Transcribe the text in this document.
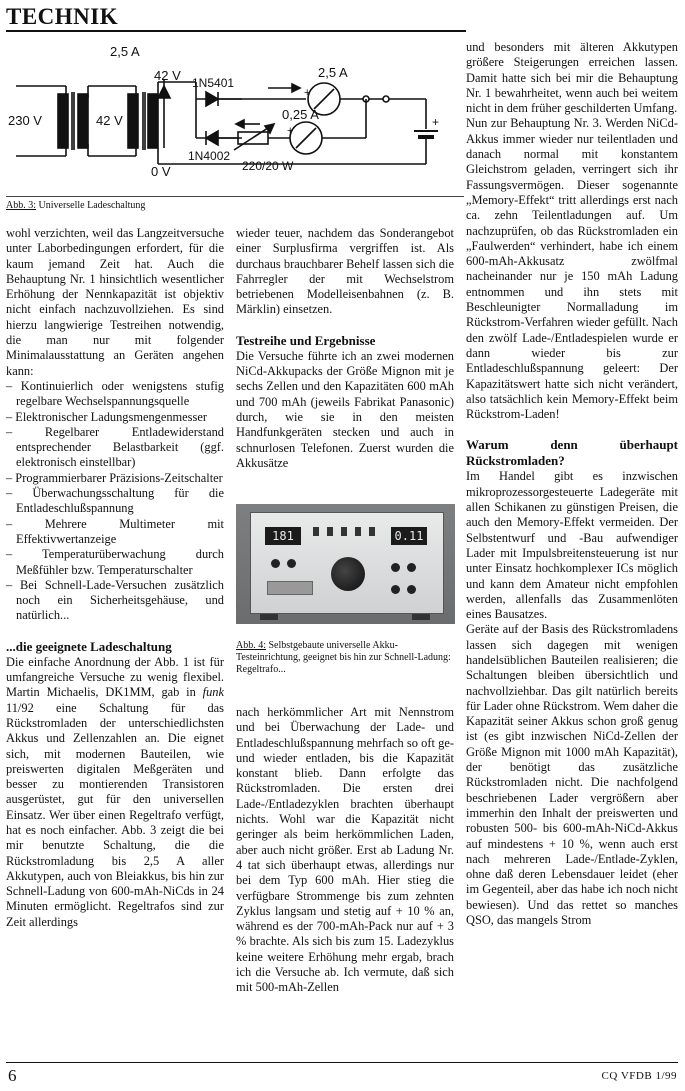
TECHNIK
230 V	42 V
42 V
0 V
2,5 A
2,5 A
0,25 A
1N5401
1N4002
220/20 W
+
+
+
Abb. 3: Universelle Ladeschaltung

wohl verzichten, weil das Langzeitversuche unter Laborbedingungen erfordert, für die kaum jemand Zeit hat. Auch die Behauptung Nr. 1 hinsichtlich wesentlicher Erhöhung der Nennkapazität ist objektiv nicht einfach nachzuvollziehen. Es sind hierzu langwierige Testreihen notwendig, die man nur mit folgender Minimalausstattung an Geräten angehen kann:

– Kontinuierlich oder wenigstens stufig regelbare Wechselspannungsquelle
– Elektronischer Ladungsmengenmesser
– Regelbarer Entladewiderstand entsprechender Belastbarkeit (ggf. elektronisch einstellbar)
– Programmierbarer Präzisions-Zeitschalter
– Überwachungsschaltung für die Entladeschlußspannung
– Mehrere Multimeter mit Effektivwertanzeige
– Temperaturüberwachung durch Meßfühler bzw. Temperaturschalter
– Bei Schnell-Lade-Versuchen zusätzlich noch ein Sicherheitsgehäuse, und natürlich...

...die geeignete Ladeschaltung

Die einfache Anordnung der Abb. 1 ist für umfangreiche Versuche zu wenig flexibel. Martin Michaelis, DK1MM, gab in funk 11/92 eine Schaltung für das Rückstromladen der unterschiedlichsten Akkus und Zellenzahlen an. Die eignet sich, mit modernen Bauteilen, wie preiswerten digitalen Meßgeräten und besser zu montierenden Transistoren ausgerüstet, gut für den universellen Einsatz. Wer über einen Regeltrafo verfügt, hat es noch einfacher. Abb. 3 zeigt die bei mir benutzte Schaltung, die die Rückstromladung bis 2,5 A aller Akkutypen, auch von Bleiakkus, bis hin zur Schnell-Ladung von 600-mAh-NiCds in 24 Minuten ermöglicht. Regeltrafos sind zur Zeit allerdings

wieder teuer, nachdem das Sonderangebot einer Surplusfirma vergriffen ist. Als durchaus brauchbarer Behelf lassen sich die Fahrregler der mit Wechselstrom betriebenen Modelleisenbahnen (z. B. Märklin) einsetzen.

Testreihe und Ergebnisse

Die Versuche führte ich an zwei modernen NiCd-Akkupacks der Größe Mignon mit je sechs Zellen und den Kapazitäten 600 mAh und 700 mAh (jeweils Fabrikat Panasonic) durch, wie sie in den meisten Handfunkgeräten stecken und auch in schnurlosen Telefonen. Zuerst wurden die Akkusätze

181	0.11
Abb. 4: Selbstgebaute universelle Akku-Testeinrichtung, geeignet bis hin zur Schnell-Ladung: Regeltrafo...

nach herkömmlicher Art mit Nennstrom und bei Überwachung der Lade- und Entladeschlußspannung mehrfach so oft ge- und wieder entladen, bis die Kapazität konstant blieb. Dann erfolgte das Rückstromladen. Die ersten drei Lade-/Entladezyklen brachten überhaupt nichts. Wohl war die Kapazität nicht geringer als beim herkömmlichen Laden, aber auch nicht größer. Erst ab Ladung Nr. 4 tat sich überhaupt etwas, allerdings nur bei dem Typ 600 mAh. Hier stieg die verfügbare Strommenge bis zum zehnten Zyklus langsam und stetig auf + 10 % an, während es der 700-mAh-Pack nur auf + 3 % brachte. Als sich bis zum 15. Ladezyklus keine weitere Erhöhung mehr ergab, brach ich die Versuche ab. Ich vermute, daß sich mit 500-mAh-Zellen

und besonders mit älteren Akkutypen größere Steigerungen erreichen lassen. Damit hatte sich bei mir die Behauptung Nr. 1 bewahrheitet, wenn auch bei weitem nicht in dem früher geschilderten Umfang.

Nun zur Behauptung Nr. 3. Werden NiCd-Akkus immer wieder nur teilentladen und danach normal mit konstantem Gleichstrom geladen, verringert sich ihr Fassungsvermögen. Dieser sogenannte „Memory-Effekt“ tritt allerdings erst nach ca. zehn Teilentladungen auf. Um nachzuprüfen, ob das Rückstromladen ein „Faulwerden“ verhindert, habe ich einem 600-mAh-Akkusatz zwölfmal nacheinander nur je 150 mAh Ladung entnommen und ihn stets mit Beschleunigter Normalladung im Rückstrom-Verfahren wieder gefüllt. Nach den zwölf Lade-/Entladespielen wurde er dann wieder bis zur Entladeschlußspannung geleert: Der Kapazitätswert hatte sich nicht verändert, also tatsächlich kein Memory-Effekt beim Rückstrom-Laden!

Warum denn überhaupt Rückstromladen?

Im Handel gibt es inzwischen mikroprozessorgesteuerte Ladegeräte mit allen Schikanen zu günstigen Preisen, die auch den Memory-Effekt vermeiden. Der Selbstentwurf und -Bau aufwendiger Lader mit Impulsbreitensteuerung ist nur unter Einsatz hochkomplexer ICs möglich und kann dem Amateur nicht empfohlen werden, allenfalls das Zusammenlöten eines Bausatzes.

Geräte auf der Basis des Rückstromladens lassen sich dagegen mit wenigen handelsüblichen Bauteilen realisieren; die Schaltungen bleiben übersichtlich und nachvollziehbar. Das gilt natürlich bereits für Lader ohne Rückstrom. Wem daher die Kapazität seiner Akkus schon groß genug ist (es gibt inzwischen NiCd-Zellen der Größe Mignon mit 1000 mAh Kapazität), der benötigt das zusätzliche Rückstromladen nicht. Die nachfolgend beschriebenen Lader vergrößern aber immerhin den Inhalt der preiswerten und robusten 500- bis 600-mAh-NiCd-Akkus auf mindestens + 10 %, wenn auch erst nach mehreren Lade-/Entlade-Zyklen, ohne daß deren Lebensdauer leidet (eher im Gegenteil, aber das habe ich noch nicht bewiesen). Und das rettet so manches QSO, das mangels Strom

6	CQ VFDB 1/99
